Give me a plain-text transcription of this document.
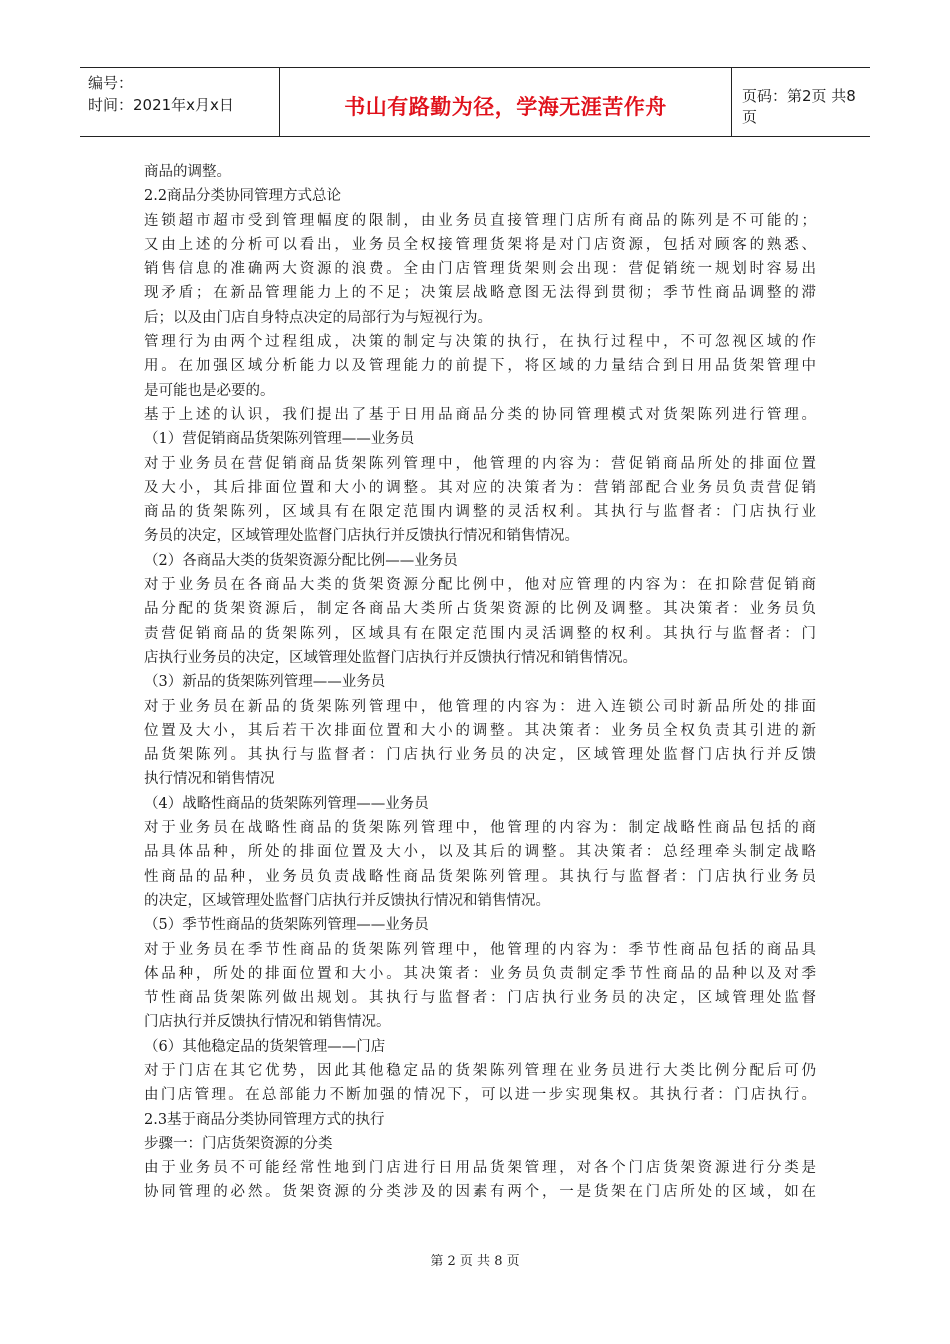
编号：
时间：2021年x月x日	书山有路勤为径，学海无涯苦作舟	页码：第2页 共8页
商品的调整。
2.2商品分类协同管理方式总论
连锁超市超市受到管理幅度的限制，由业务员直接管理门店所有商品的陈列是不可能的；
又由上述的分析可以看出，业务员全权接管理货架将是对门店资源，包括对顾客的熟悉、
销售信息的准确两大资源的浪费。全由门店管理货架则会出现：营促销统一规划时容易出
现矛盾；在新品管理能力上的不足；决策层战略意图无法得到贯彻；季节性商品调整的滞
后；以及由门店自身特点决定的局部行为与短视行为。
管理行为由两个过程组成，决策的制定与决策的执行，在执行过程中，不可忽视区域的作
用。在加强区域分析能力以及管理能力的前提下，将区域的力量结合到日用品货架管理中
是可能也是必要的。
基于上述的认识，我们提出了基于日用品商品分类的协同管理模式对货架陈列进行管理。
（1）营促销商品货架陈列管理——业务员
对于业务员在营促销商品货架陈列管理中，他管理的内容为：营促销商品所处的排面位置
及大小，其后排面位置和大小的调整。其对应的决策者为：营销部配合业务员负责营促销
商品的货架陈列，区域具有在限定范围内调整的灵活权利。其执行与监督者：门店执行业
务员的决定，区域管理处监督门店执行并反馈执行情况和销售情况。
（2）各商品大类的货架资源分配比例——业务员
对于业务员在各商品大类的货架资源分配比例中，他对应管理的内容为：在扣除营促销商
品分配的货架资源后，制定各商品大类所占货架资源的比例及调整。其决策者：业务员负
责营促销商品的货架陈列，区域具有在限定范围内灵活调整的权利。其执行与监督者：门
店执行业务员的决定，区域管理处监督门店执行并反馈执行情况和销售情况。
（3）新品的货架陈列管理——业务员
对于业务员在新品的货架陈列管理中，他管理的内容为：进入连锁公司时新品所处的排面
位置及大小，其后若干次排面位置和大小的调整。其决策者：业务员全权负责其引进的新
品货架陈列。其执行与监督者：门店执行业务员的决定，区域管理处监督门店执行并反馈
执行情况和销售情况
（4）战略性商品的货架陈列管理——业务员
对于业务员在战略性商品的货架陈列管理中，他管理的内容为：制定战略性商品包括的商
品具体品种，所处的排面位置及大小，以及其后的调整。其决策者：总经理牵头制定战略
性商品的品种，业务员负责战略性商品货架陈列管理。其执行与监督者：门店执行业务员
的决定，区域管理处监督门店执行并反馈执行情况和销售情况。
（5）季节性商品的货架陈列管理——业务员
对于业务员在季节性商品的货架陈列管理中，他管理的内容为：季节性商品包括的商品具
体品种，所处的排面位置和大小。其决策者：业务员负责制定季节性商品的品种以及对季
节性商品货架陈列做出规划。其执行与监督者：门店执行业务员的决定，区域管理处监督
门店执行并反馈执行情况和销售情况。
（6）其他稳定品的货架管理——门店
对于门店在其它优势，因此其他稳定品的货架陈列管理在业务员进行大类比例分配后可仍
由门店管理。在总部能力不断加强的情况下，可以进一步实现集权。其执行者：门店执行。
2.3基于商品分类协同管理方式的执行
步骤一：门店货架资源的分类
由于业务员不可能经常性地到门店进行日用品货架管理，对各个门店货架资源进行分类是
协同管理的必然。货架资源的分类涉及的因素有两个，一是货架在门店所处的区域，如在
第 2 页 共 8 页
